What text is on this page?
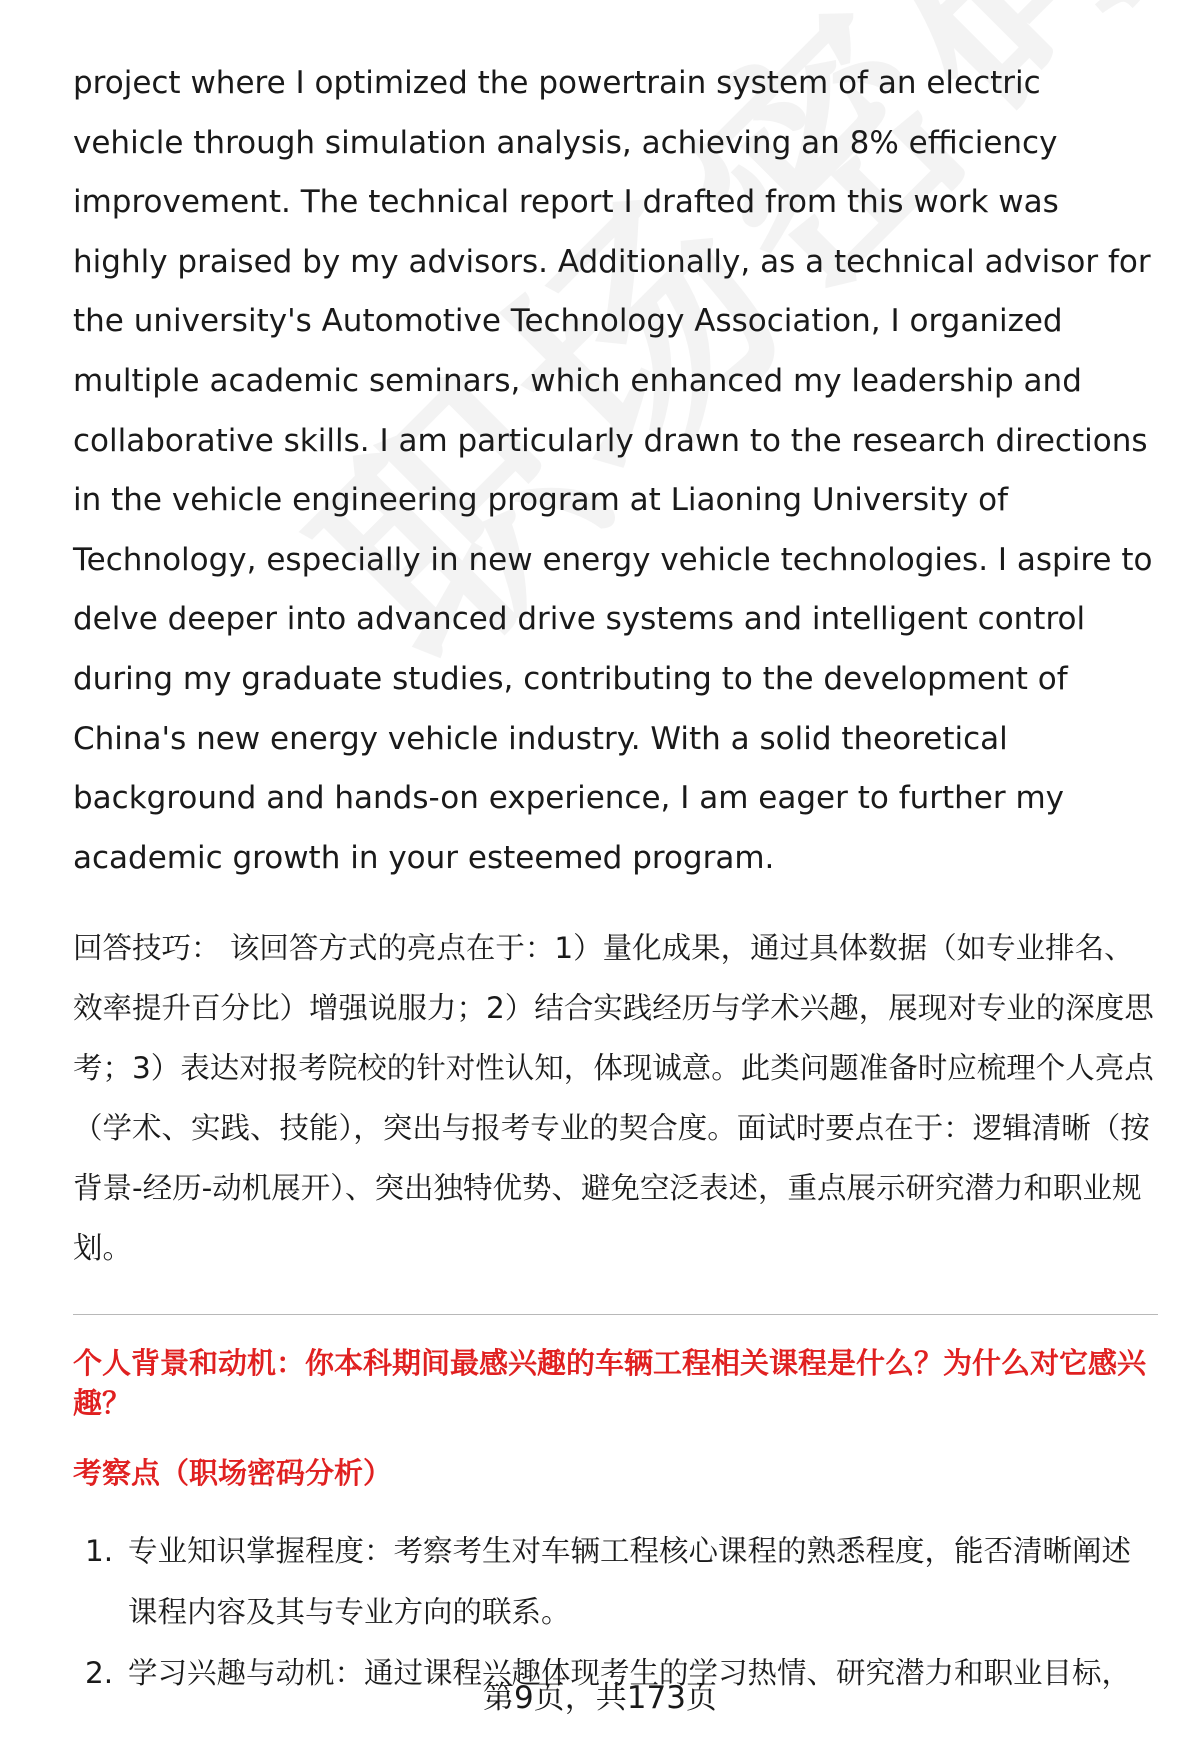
project where I optimized the powertrain system of an electric vehicle through simulation analysis, achieving an 8% efficiency improvement. The technical report I drafted from this work was highly praised by my advisors. Additionally, as a technical advisor for the university's Automotive Technology Association, I organized multiple academic seminars, which enhanced my leadership and collaborative skills. I am particularly drawn to the research directions in the vehicle engineering program at Liaoning University of Technology, especially in new energy vehicle technologies. I aspire to delve deeper into advanced drive systems and intelligent control during my graduate studies, contributing to the development of China's new energy vehicle industry. With a solid theoretical background and hands-on experience, I am eager to further my academic growth in your esteemed program.

回答技巧： 该回答方式的亮点在于：1）量化成果，通过具体数据（如专业排名、效率提升百分比）增强说服力；2）结合实践经历与学术兴趣，展现对专业的深度思考；3）表达对报考院校的针对性认知，体现诚意。此类问题准备时应梳理个人亮点（学术、实践、技能），突出与报考专业的契合度。面试时要点在于：逻辑清晰（按背景-经历-动机展开）、突出独特优势、避免空泛表述，重点展示研究潜力和职业规划。

个人背景和动机：你本科期间最感兴趣的车辆工程相关课程是什么？为什么对它感兴趣？

考察点（职场密码分析）

1. 专业知识掌握程度：考察考生对车辆工程核心课程的熟悉程度，能否清晰阐述课程内容及其与专业方向的联系。
2. 学习兴趣与动机：通过课程兴趣体现考生的学习热情、研究潜力和职业目标，
第9页，共173页
